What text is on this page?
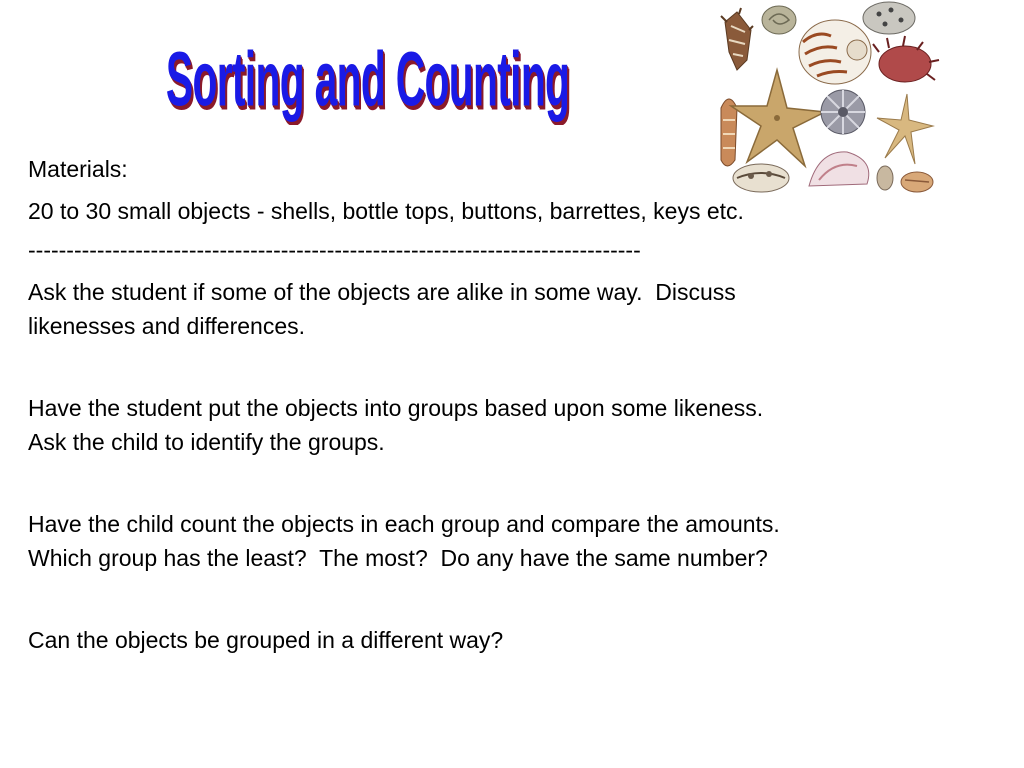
Sorting and Counting
Materials:
20 to 30 small objects - shells, bottle tops, buttons, barrettes, keys etc.
--------------------------------------------------------------------------------
Ask the student if some of the objects are alike in some way.  Discuss
likenesses and differences.
Have the student put the objects into groups based upon some likeness.
Ask the child to identify the groups.
Have the child count the objects in each group and compare the amounts.
Which group has the least?  The most?  Do any have the same number?
Can the objects be grouped in a different way?
